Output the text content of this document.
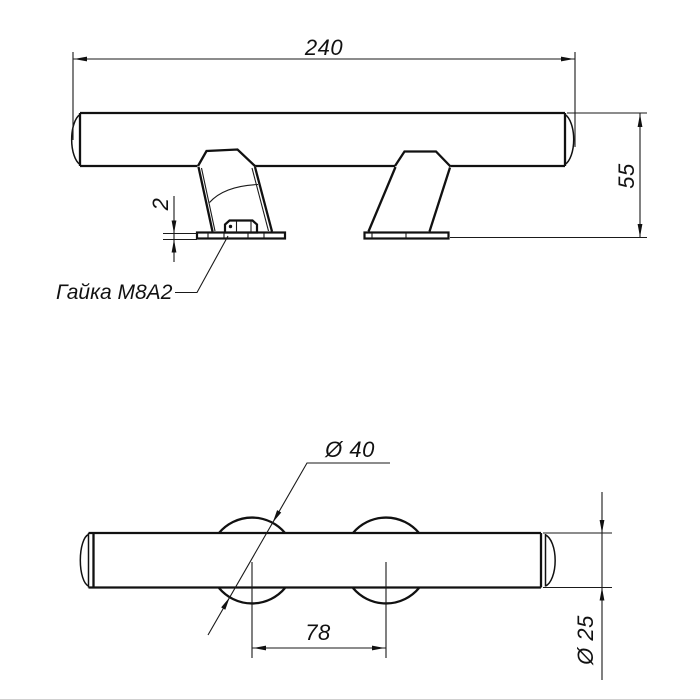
240
55
2
Гайка М8А2
Ø 40
78	Ø 25
